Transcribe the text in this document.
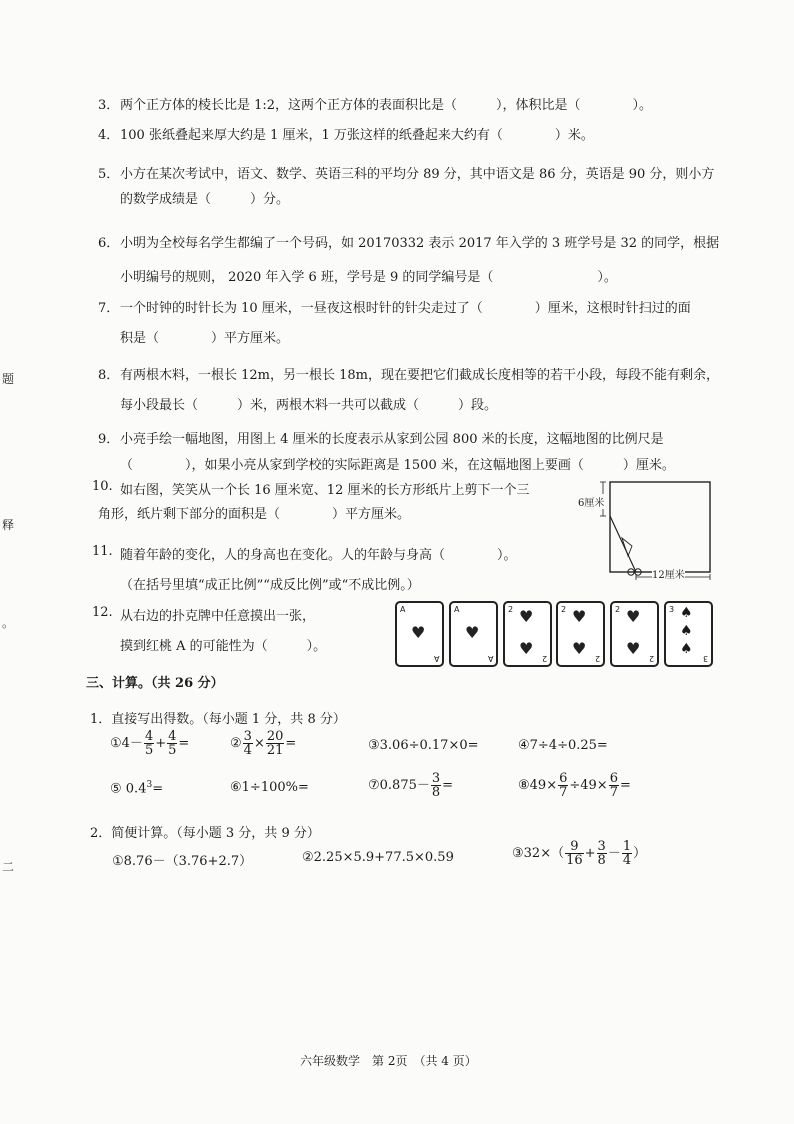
题
释
。
二
3． 两个正方体的棱长比是 1:2，这两个正方体的表面积比是（　　　），体积比是（　　　　）。
4． 100 张纸叠起来厚大约是 1 厘米，1 万张这样的纸叠起来大约有（　　　　）米。
5． 小方在某次考试中，语文、数学、英语三科的平均分 89 分，其中语文是 86 分，英语是 90 分，则小方
的数学成绩是（　　　）分。
6． 小明为全校每名学生都编了一个号码，如 20170332 表示 2017 年入学的 3 班学号是 32 的同学，根据
小明编号的规则， 2020 年入学 6 班，学号是 9 的同学编号是（　　　　　　　　）。
7． 一个时钟的时针长为 10 厘米，一昼夜这根时针的针尖走过了（　　　　）厘米，这根时针扫过的面
积是（　　　　）平方厘米。
8． 有两根木料，一根长 12m，另一根长 18m，现在要把它们截成长度相等的若干小段，每段不能有剩余，
每小段最长（　　　）米，两根木料一共可以截成（　　　）段。
9． 小亮手绘一幅地图，用图上 4 厘米的长度表示从家到公园 800 米的长度，这幅地图的比例尺是
（　　　　），如果小亮从家到学校的实际距离是 1500 米，在这幅地图上要画（　　　）厘米。
10. 如右图，笑笑从一个长 16 厘米宽、12 厘米的长方形纸片上剪下一个三
角形，纸片剩下部分的面积是（　　　　）平方厘米。
6厘米
12厘米
11. 随着年龄的变化，人的身高也在变化。人的年龄与身高（　　　　）。
（在括号里填“成正比例”“成反比例”或“不成比例。）
12. 从右边的扑克牌中任意摸出一张，
摸到红桃 A 的可能性为（　　　）。
A
♥
A
A
♥
A
2 ♥
♥
2
2 ♥
♥
2
2 ♥
♥
2
3 ♠
♠
♠
3
三、计算。（共 26 分）
1．直接写出得数。（每小题 1 分，共 8 分）
①4－ $\frac{4}{5} + \frac{4}{5}$ =	② $\frac{3}{4} \times \frac{20}{21}$ =	③3.06÷0.17×0=	④7÷4÷0.25=
⑤ $0.4^3=$	⑥1÷100%=	⑦0.875－ $\frac{3}{8}$ =	⑧49× $\frac{6}{7} \div 49\times \frac{6}{7}$ =
2．简便计算。（每小题 3 分，共 9 分）
①8.76－（3.76+2.7）	②2.25×5.9+77.5×0.59	③32×（ $\frac{9}{16} + \frac{3}{8} - \frac{1}{4}$ ）
六年级数学　第 2页　（共 4 页）
